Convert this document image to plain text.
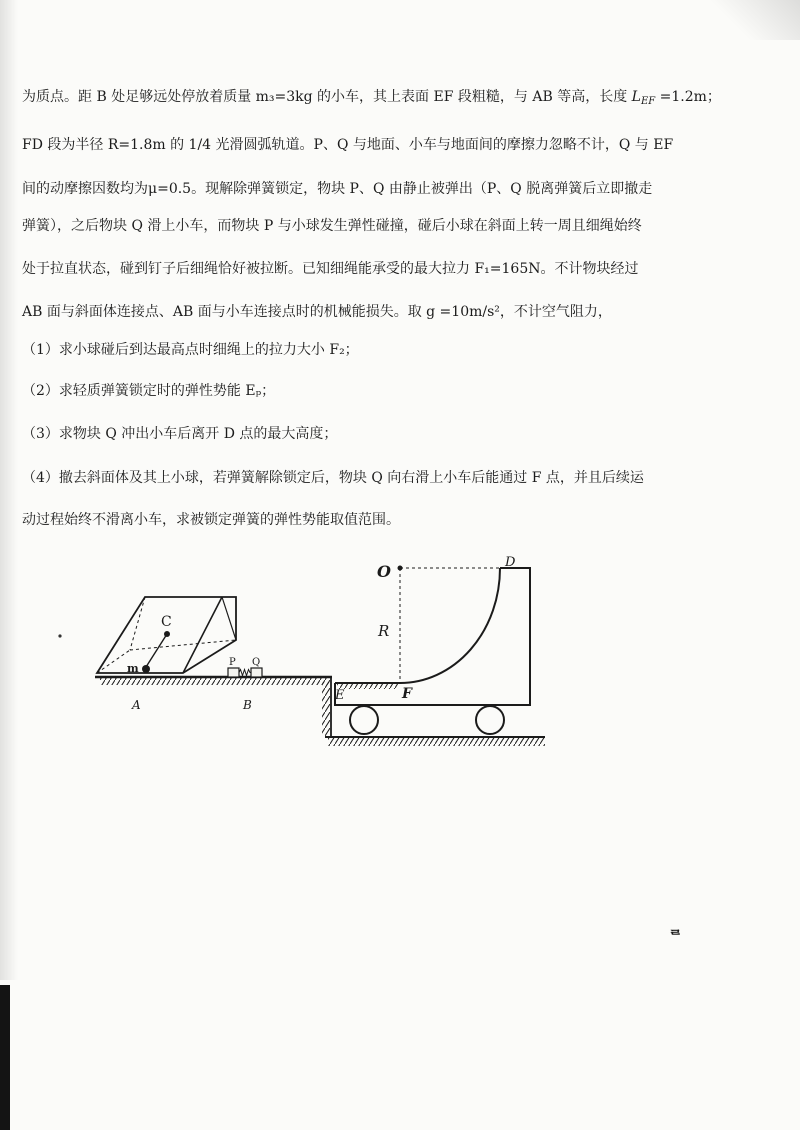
为质点。距 B 处足够远处停放着质量 m₃=3kg 的小车，其上表面 EF 段粗糙，与 AB 等高，长度 $L_{EF} =1.2m$；
FD 段为半径 R=1.8m 的 1/4 光滑圆弧轨道。P、Q 与地面、小车与地面间的摩擦力忽略不计，Q 与 EF
间的动摩擦因数均为μ=0.5。现解除弹簧锁定，物块 P、Q 由静止被弹出（P、Q 脱离弹簧后立即撤走
弹簧），之后物块 Q 滑上小车，而物块 P 与小球发生弹性碰撞，碰后小球在斜面上转一周且细绳始终
处于拉直状态，碰到钉子后细绳恰好被拉断。已知细绳能承受的最大拉力 F₁=165N。不计物块经过
AB 面与斜面体连接点、AB 面与小车连接点时的机械能损失。取 g =10m/s²，不计空气阻力，
（1）求小球碰后到达最高点时细绳上的拉力大小 F₂；
（2）求轻质弹簧锁定时的弹性势能 Eₚ；
（3）求物块 Q 冲出小车后离开 D 点的最大高度；
（4）撤去斜面体及其上小球，若弹簧解除锁定后，物块 Q 向右滑上小车后能通过 F 点，并且后续运
动过程始终不滑离小车，求被锁定弹簧的弹性势能取值范围。
C
m
A	B
P Q
O	D
R
E	F
ᄅ
